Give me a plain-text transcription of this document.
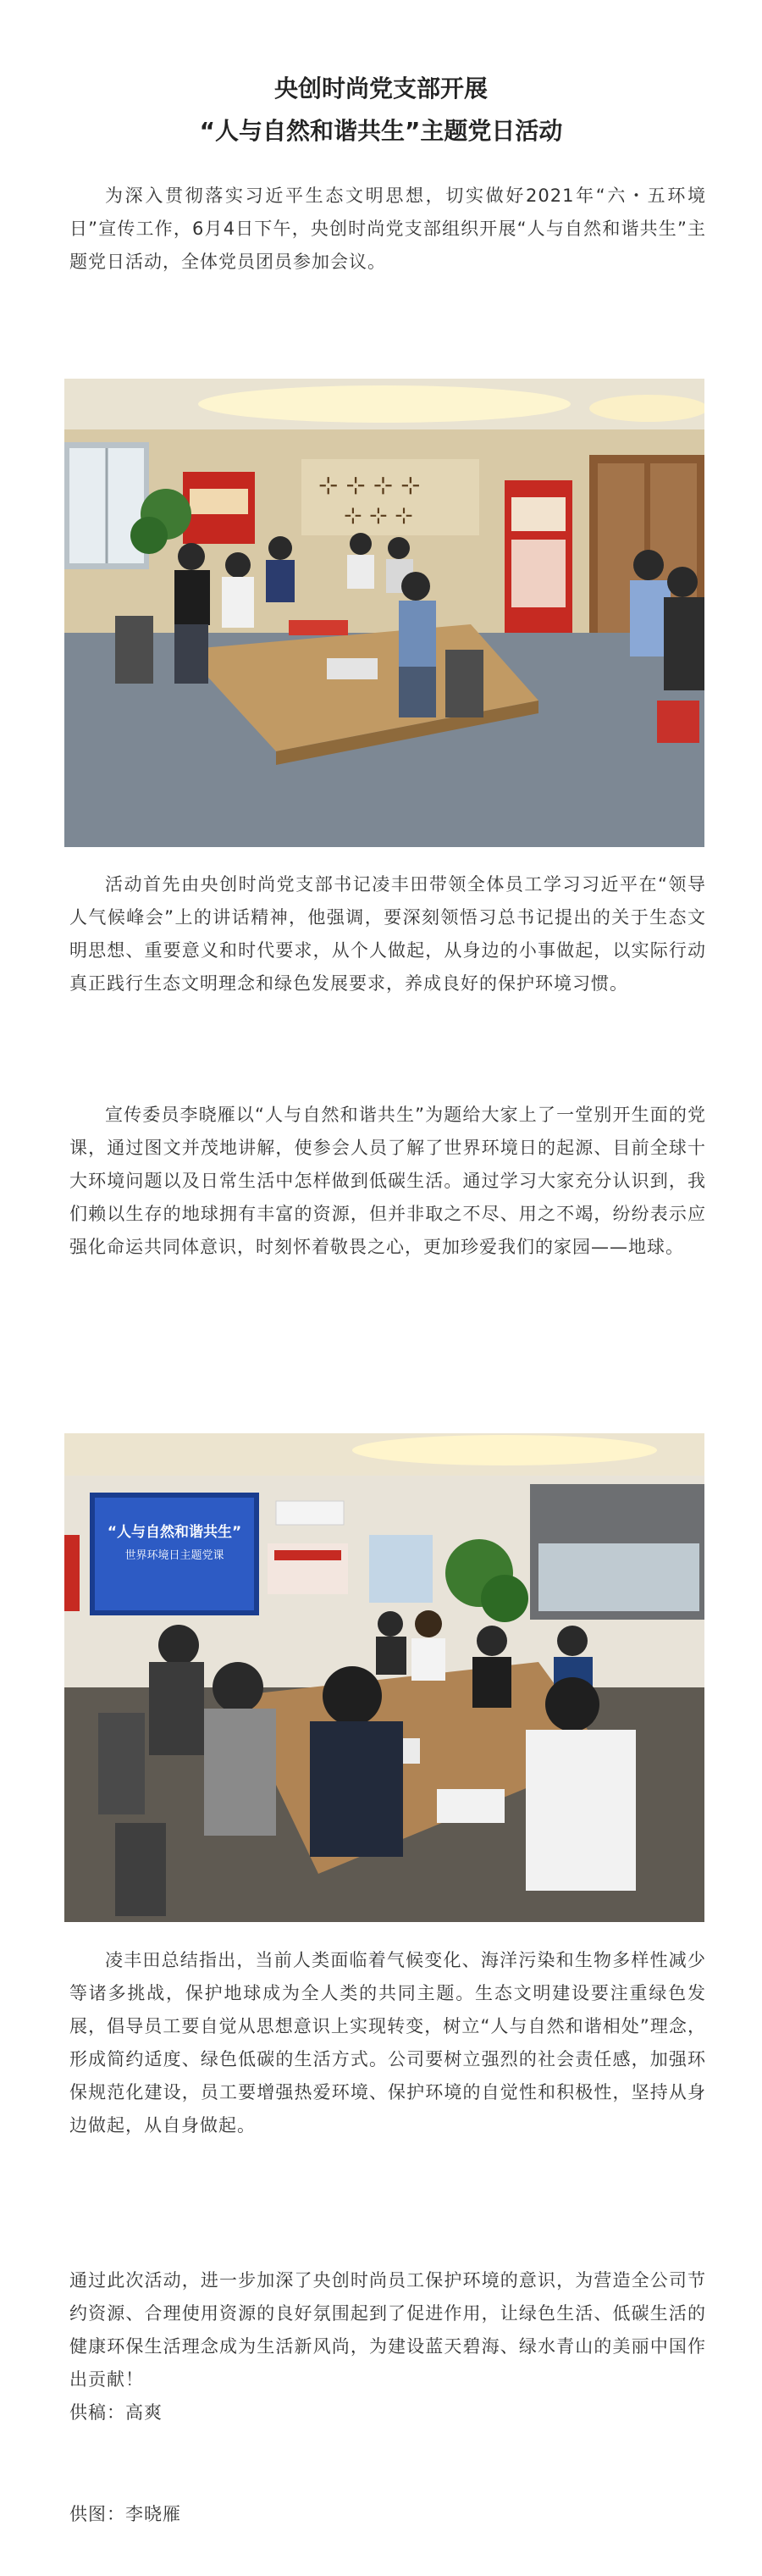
央创时尚党支部开展
“人与自然和谐共生”主题党日活动

为深入贯彻落实习近平生态文明思想，切实做好2021年“六・五环境日”宣传工作，6月4日下午，央创时尚党支部组织开展“人与自然和谐共生”主题党日活动，全体党员团员参加会议。

⊹ ⊹ ⊹ ⊹
⊹ ⊹ ⊹

活动首先由央创时尚党支部书记凌丰田带领全体员工学习习近平在“领导人气候峰会”上的讲话精神，他强调，要深刻领悟习总书记提出的关于生态文明思想、重要意义和时代要求，从个人做起，从身边的小事做起，以实际行动真正践行生态文明理念和绿色发展要求，养成良好的保护环境习惯。

宣传委员李晓雁以“人与自然和谐共生”为题给大家上了一堂别开生面的党课，通过图文并茂地讲解，使参会人员了解了世界环境日的起源、目前全球十大环境问题以及日常生活中怎样做到低碳生活。通过学习大家充分认识到，我们赖以生存的地球拥有丰富的资源，但并非取之不尽、用之不竭，纷纷表示应强化命运共同体意识，时刻怀着敬畏之心，更加珍爱我们的家园——地球。

“人与自然和谐共生”
世界环境日主题党课

凌丰田总结指出，当前人类面临着气候变化、海洋污染和生物多样性减少等诸多挑战，保护地球成为全人类的共同主题。生态文明建设要注重绿色发展，倡导员工要自觉从思想意识上实现转变，树立“人与自然和谐相处”理念，形成简约适度、绿色低碳的生活方式。公司要树立强烈的社会责任感，加强环保规范化建设，员工要增强热爱环境、保护环境的自觉性和积极性，坚持从身边做起，从自身做起。

通过此次活动，进一步加深了央创时尚员工保护环境的意识，为营造全公司节约资源、合理使用资源的良好氛围起到了促进作用，让绿色生活、低碳生活的健康环保生活理念成为生活新风尚，为建设蓝天碧海、绿水青山的美丽中国作出贡献！

供稿：高爽
供图：李晓雁
